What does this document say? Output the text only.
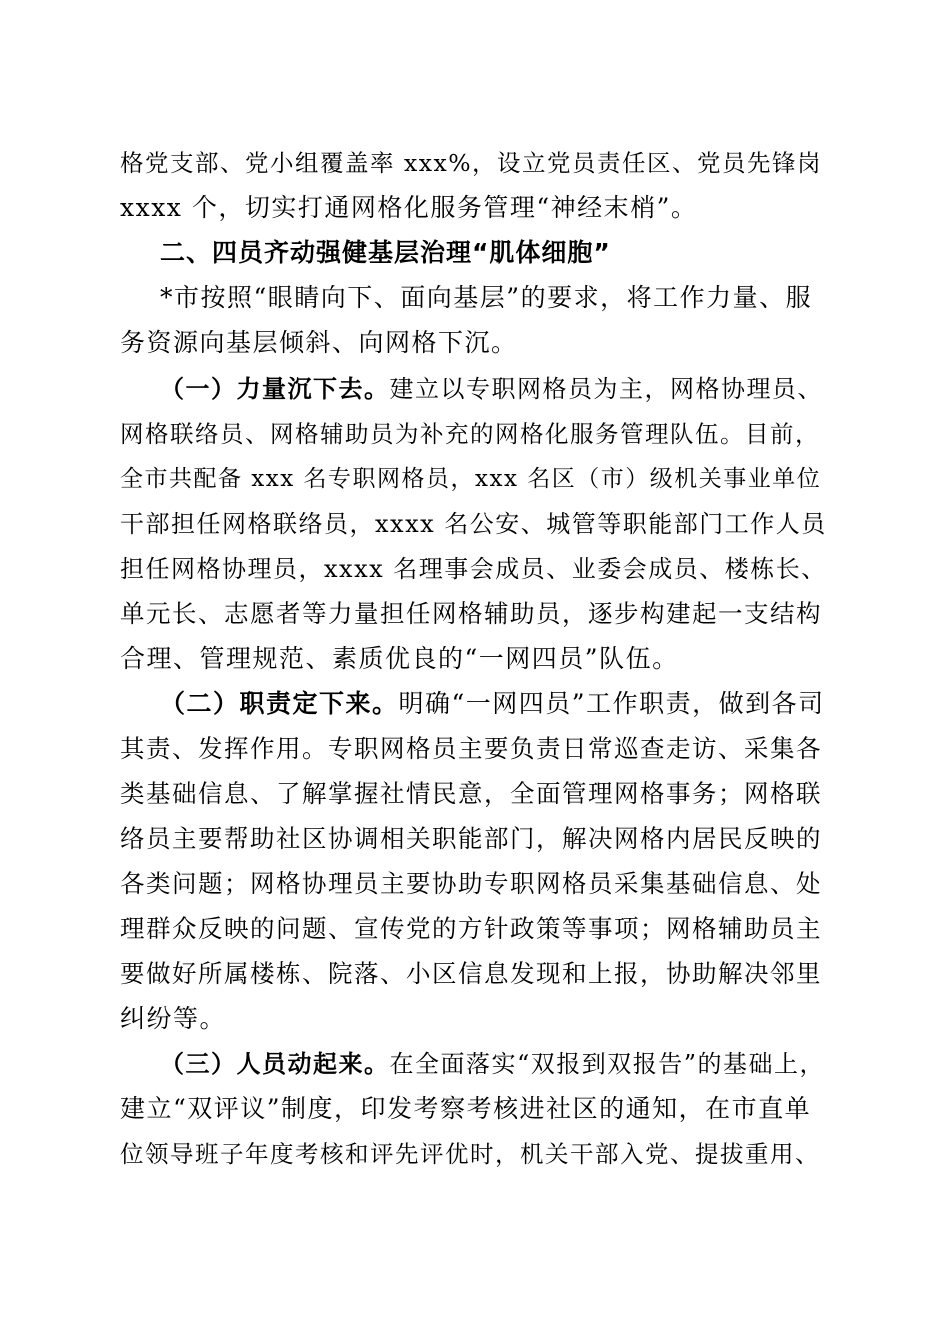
格党支部、党小组覆盖率 xxx%，设立党员责任区、党员先锋岗
xxxx 个，切实打通网格化服务管理“神经末梢”。
二、四员齐动强健基层治理“肌体细胞”
*市按照“眼睛向下、面向基层”的要求，将工作力量、服
务资源向基层倾斜、向网格下沉。
（一）力量沉下去。建立以专职网格员为主，网格协理员、
网格联络员、网格辅助员为补充的网格化服务管理队伍。目前，
全市共配备 xxx 名专职网格员，xxx 名区（市）级机关事业单位
干部担任网格联络员，xxxx 名公安、城管等职能部门工作人员
担任网格协理员，xxxx 名理事会成员、业委会成员、楼栋长、
单元长、志愿者等力量担任网格辅助员，逐步构建起一支结构
合理、管理规范、素质优良的“一网四员”队伍。
（二）职责定下来。明确“一网四员”工作职责，做到各司
其责、发挥作用。专职网格员主要负责日常巡查走访、采集各
类基础信息、了解掌握社情民意，全面管理网格事务；网格联
络员主要帮助社区协调相关职能部门，解决网格内居民反映的
各类问题；网格协理员主要协助专职网格员采集基础信息、处
理群众反映的问题、宣传党的方针政策等事项；网格辅助员主
要做好所属楼栋、院落、小区信息发现和上报，协助解决邻里
纠纷等。
（三）人员动起来。在全面落实“双报到双报告”的基础上，
建立“双评议”制度，印发考察考核进社区的通知，在市直单
位领导班子年度考核和评先评优时，机关干部入党、提拔重用、
